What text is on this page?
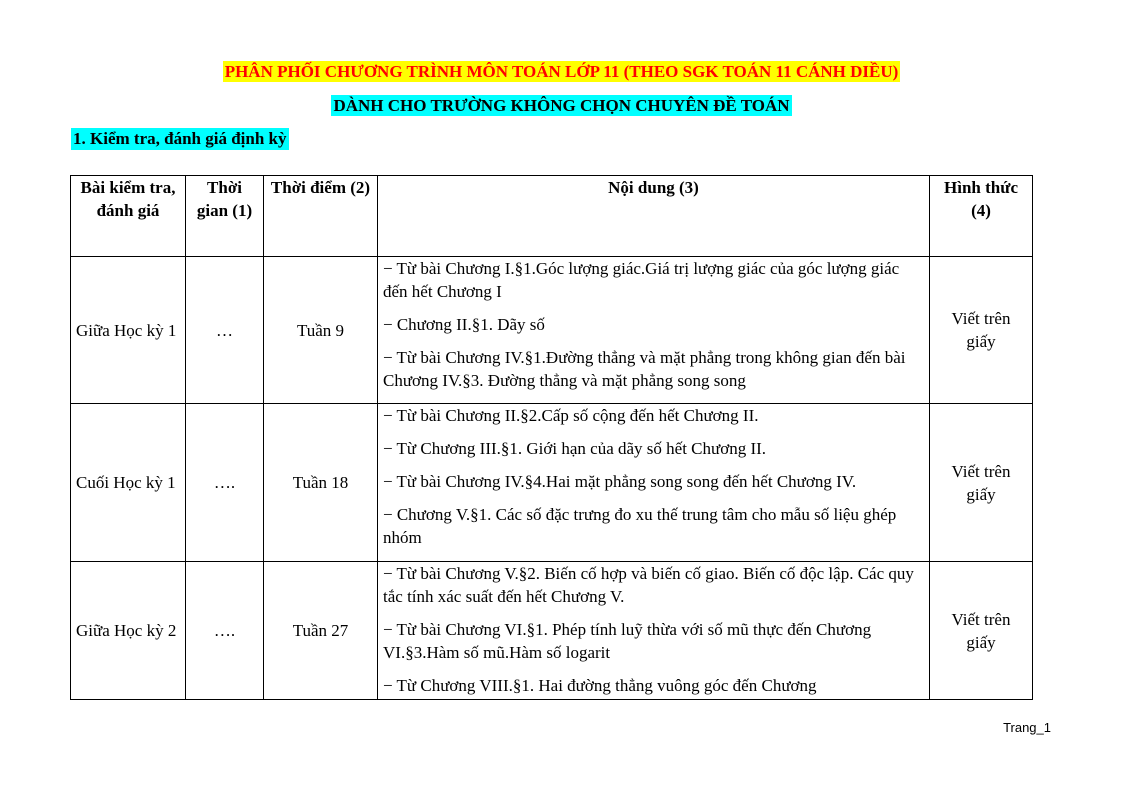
PHÂN PHỐI CHƯƠNG TRÌNH MÔN TOÁN LỚP 11 (THEO SGK TOÁN 11 CÁNH DIỀU)
DÀNH CHO TRƯỜNG KHÔNG CHỌN CHUYÊN ĐỀ TOÁN
1. Kiểm tra, đánh giá định kỳ
Bài kiểm tra, đánh giá	Thời gian (1)	Thời điểm (2)	Nội dung (3)	Hình thức (4)
Giữa Học kỳ 1	…	Tuần 9	− Từ bài Chương I.§1.Góc lượng giác.Giá trị lượng giác của góc lượng giác đến hết Chương I

− Chương II.§1. Dãy số

− Từ bài Chương IV.§1.Đường thẳng và mặt phẳng trong không gian đến bài Chương IV.§3. Đường thẳng và mặt phẳng song song	Viết trên giấy
Cuối Học kỳ 1	….	Tuần 18	− Từ bài Chương II.§2.Cấp số cộng đến hết Chương II.

− Từ Chương III.§1. Giới hạn của dãy số hết Chương II.

− Từ bài Chương IV.§4.Hai mặt phẳng song song đến hết Chương IV.

− Chương V.§1. Các số đặc trưng đo xu thế trung tâm cho mẫu số liệu ghép nhóm	Viết trên giấy
Giữa Học kỳ 2	….	Tuần 27	− Từ bài Chương V.§2. Biến cố hợp và biến cố giao. Biến cố độc lập. Các quy tắc tính xác suất đến hết Chương V.

− Từ bài Chương VI.§1. Phép tính luỹ thừa với số mũ thực đến Chương VI.§3.Hàm số mũ.Hàm số logarit

− Từ Chương VIII.§1. Hai đường thẳng vuông góc đến Chương	Viết trên giấy
Trang_1
